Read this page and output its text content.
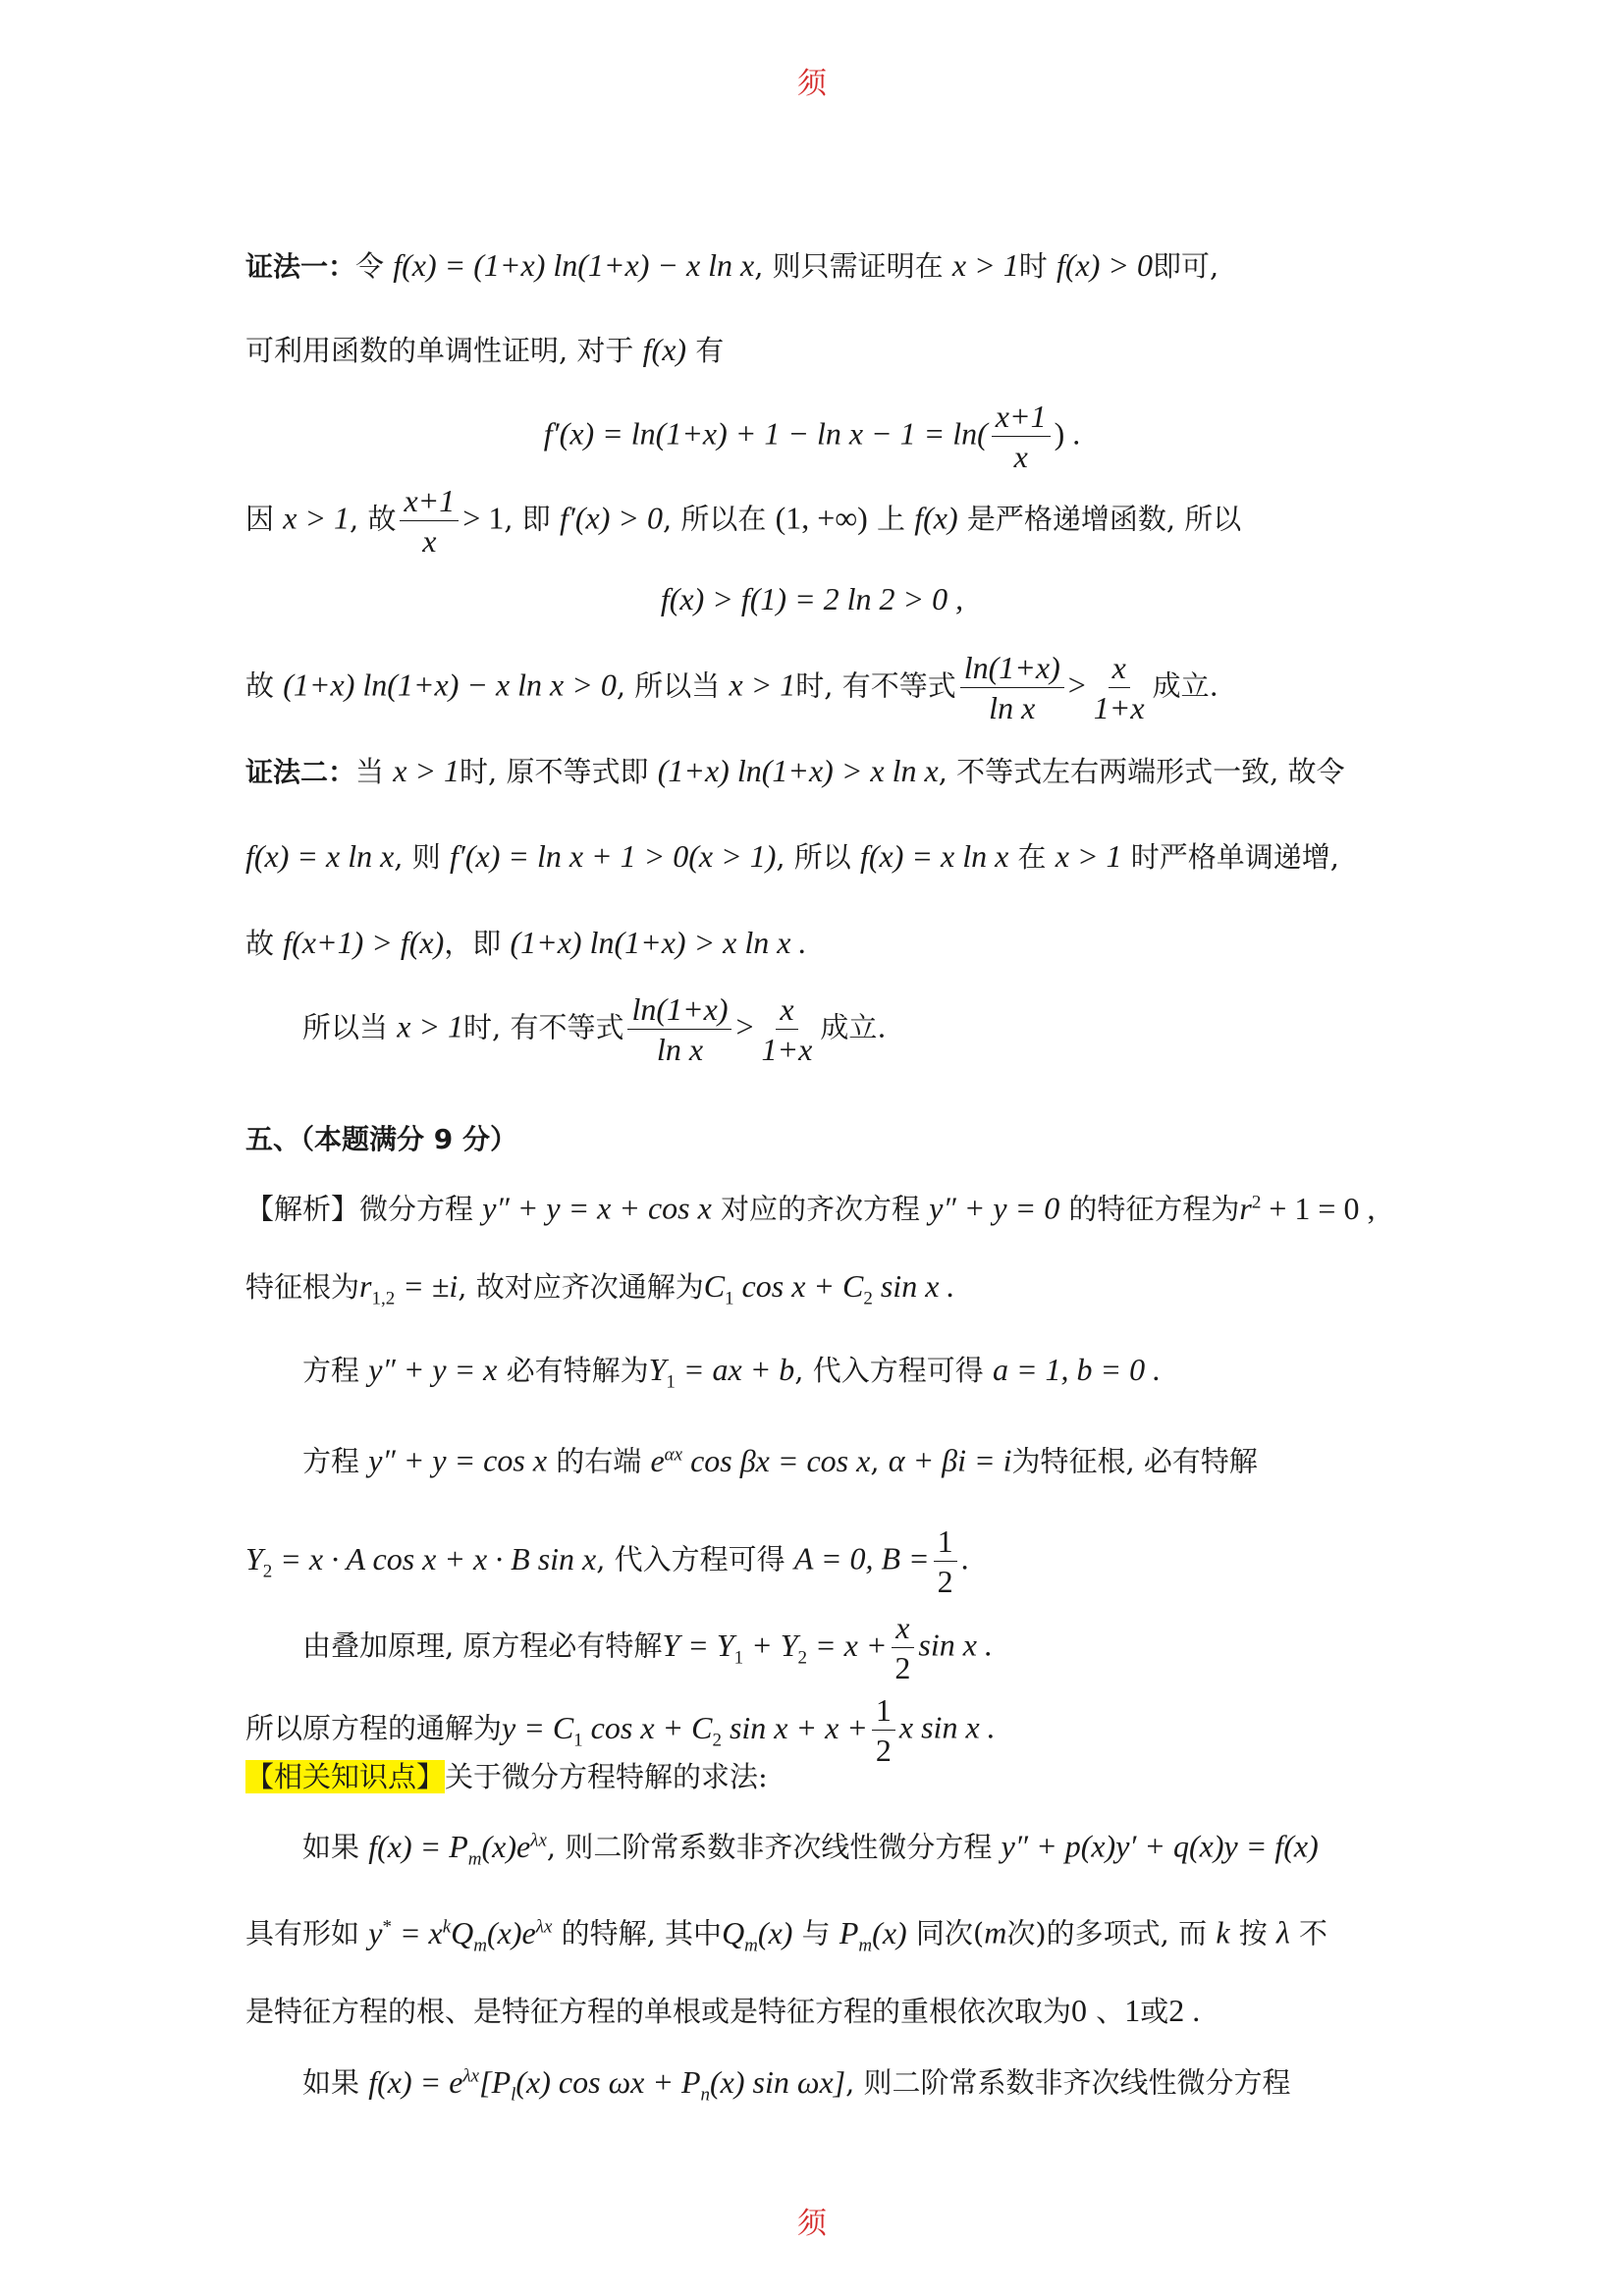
须
须
证法一：令 f(x) = (1+x) ln(1+x) − x ln x, 则只需证明在 x > 1时 f(x) > 0即可,
可利用函数的单调性证明, 对于 f(x) 有
$f'(x) = \ln(1+x) + 1 - \ln x - 1 = \ln( \frac{x+1}{x}$ ) .
因 x > 1, 故 $\frac{x+1}{x} > 1$, 即 f′(x) > 0, 所以在 (1, +∞) 上 f(x) 是严格递增函数, 所以
f(x) > f(1) = 2 ln 2 > 0 ,
故 (1+x) ln(1+x) − x ln x > 0, 所以当 x > 1时, 有不等式 $\frac{\ln(1+x)}{\text{ln x}} > \frac{x}{1+x}$ 成立.
证法二：当 x > 1时, 原不等式即 (1+x) ln(1+x) > x ln x, 不等式左右两端形式一致, 故令
f(x) = x ln x, 则 f′(x) = ln x + 1 > 0(x > 1), 所以 f(x) = x ln x 在 x > 1 时严格单调递增,
故 f(x+1) > f(x)，即 (1+x) ln(1+x) > x ln x .
所以当 x > 1时, 有不等式 $\frac{\ln(1+x)}{\text{ln x}} > \frac{x}{1+x}$ 成立.
五、（本题满分 9 分）
【解析】微分方程 y″ + y = x + cos x 对应的齐次方程 y″ + y = 0 的特征方程为$r^2 + 1 = 0$ ,
特征根为$r_{1,2} = \pm i$, 故对应齐次通解为$C_1$ $\cos x + C_2$ sin x .
方程 y″ + y = x 必有特解为$Y_1$ = ax + b, 代入方程可得 a = 1, b = 0 .
方程 y″ + y = cos x 的右端 $e^{\alpha x}$ cos βx = cos x, α + βi = i为特征根, 必有特解
$Y_2 = x \cdot A$ cos x + x · B sin x, 代入方程可得 A = 0, $B = \frac{1}{2}$ .
由叠加原理, 原方程必有特解$Y = Y_1 + Y_2 = x + \frac{x}{2}$ sin x .
所以原方程的通解为$y = C_1$ $\cos x + C_2$ $\sin x + x + \frac{1}{2}$ x sin x .
【相关知识点】关于微分方程特解的求法:
如果 $f(x) = P_m(x)e^{\lambda x}$, 则二阶常系数非齐次线性微分方程 y″ + p(x)y′ + q(x)y = f(x)
具有形如 $y^* = x^kQ_m(x)e^{\lambda x}$ 的特解, 其中$Q_m(x)$ 与 $P_m(x)$ 同次(m次)的多项式, 而 k 按 λ 不
是特征方程的根、是特征方程的单根或是特征方程的重根依次取为0 、1或2 .
如果 $f(x) = e^{\lambda x}[P_l(x)$ $\cos \omega x + P_n(x)$ sin ωx], 则二阶常系数非齐次线性微分方程
